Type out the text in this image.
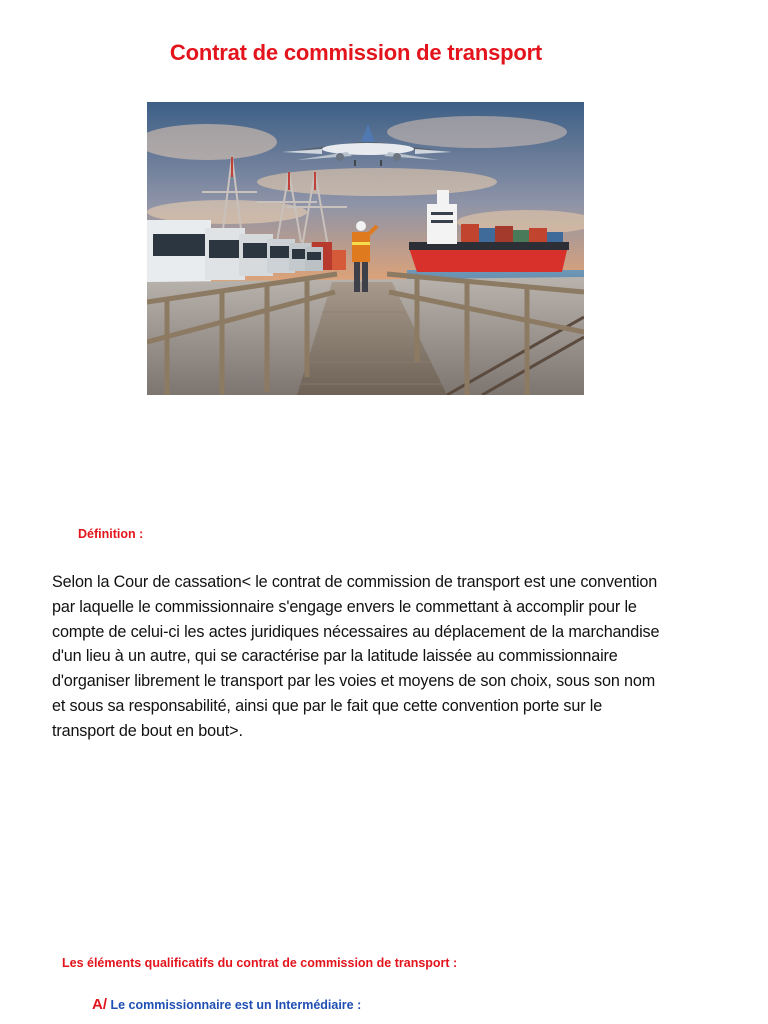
Contrat de commission de transport
Définition :
Selon la Cour de cassation< le contrat de commission de transport est une convention
par laquelle le commissionnaire s'engage envers le commettant à accomplir pour le
compte de celui-ci les actes juridiques nécessaires au déplacement de la marchandise
d'un lieu à un autre, qui se caractérise par la latitude laissée au commissionnaire
d'organiser librement le transport par les voies et moyens de son choix, sous son nom
et sous sa responsabilité, ainsi que par le fait que cette convention porte sur le
transport de bout en bout>.
Les éléments qualificatifs du contrat de commission de transport :
A/ Le commissionnaire est un Intermédiaire :
